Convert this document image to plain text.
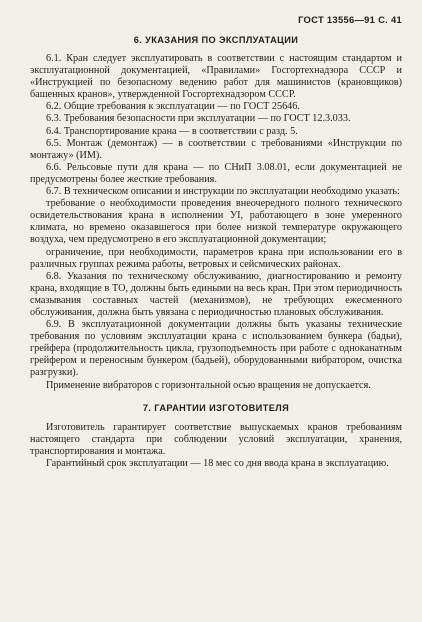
ГОСТ 13556—91 С. 41
6. УКАЗАНИЯ ПО ЭКСПЛУАТАЦИИ

6.1. Кран следует эксплуатировать в соответствии с настоящим стандартом и эксплуатационной документацией, «Правилами» Госгортехнадзора СССР и «Инструкцией по безопасному ведению работ для машинистов (крановщиков) башенных кранов», утвержденной Госгортехнадзором СССР.

6.2. Общие требования к эксплуатации — по ГОСТ 25646.

6.3. Требования безопасности при эксплуатации — по ГОСТ 12.3.033.

6.4. Транспортирование крана — в соответствии с разд. 5.

6.5. Монтаж (демонтаж) — в соответствии с требованиями «Инструкции по монтажу» (ИМ).

6.6. Рельсовые пути для крана — по СНиП 3.08.01, если документацией не предусмотрены более жесткие требования.

6.7. В техническом описании и инструкции по эксплуатации необходимо указать:

требование о необходимости проведения внеочередного полного технического освидетельствования крана в исполнении УI, работающего в зоне умеренного климата, но времено оказавшегося при более низкой температуре окружающего воздуха, чем предусмотрено в его эксплуатационной документации;

ограничение, при необходимости, параметров крана при использовании его в различных группах режима работы, ветровых и сейсмических районах.

6.8. Указания по техническому обслуживанию, диагностированию и ремонту крана, входящие в ТО, должны быть едиными на весь кран. При этом периодичность смазывания составных частей (механизмов), не требующих ежесменного обслуживания, должна быть увязана с периодичностью плановых обслуживания.

6.9. В эксплуатационной документации должны быть указаны технические требования по условиям эксплуатации крана с использованием бункера (бадьи), грейфера (продолжительность цикла, грузоподъемность при работе с одноканатным грейфером и переносным бункером (бадьей), оборудованными вибратором, очистка разгрузки).

Применение вибраторов с горизонтальной осью вращения не допускается.

7. ГАРАНТИИ ИЗГОТОВИТЕЛЯ

Изготовитель гарантирует соответствие выпускаемых кранов требованиям настоящего стандарта при соблюдении условий эксплуатации, хранения, транспортирования и монтажа.

Гарантийный срок эксплуатации — 18 мес со дня ввода крана в эксплуатацию.
